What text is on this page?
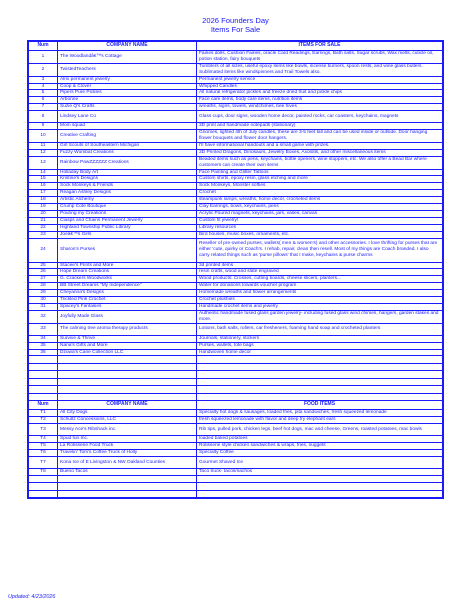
2026 Founders Day
Items For Sale
Num	COMPANY NAME	ITEMS FOR SALE
1	The Woodlandâ€™s Cottage	Fairies dolls, Cushion Fairies, oracle Card Readings, Earrings, Bath salts, Sugar scrubs, Wax melts, cuticle oil, potion station, fairy bouquets
2	TwistedTeachers	Tumblers of all sizes, useful epoxy items like bowls, incense burners, spoon rests, and wine glass butlers. Sublimated items like windspinners and Trail Towels also.
3	Almi permanent jewelry	Permanent jewelry service
4	Coop & Clover	Whipped Candles
5	Pipers Pure Pickles	All natural refrigerator pickles and freeze dried fruit and pickle chips
6	Arbonne	Face care items, body care items, nutrition items
7	Suzie Q's Crafts	wreaths, signs, towels, windchimes, bee hives
8	Lindsey Lane Co	Glass cups, door signs, wooden home decor, painted rocks, car coasters, keychains, magnets
9	Mom squad	3D print and handmade notepads (stationary)
10	Creative Crafting	Gnomes, lighted 4th of July candles, these are 3-5 feet tall and can be used inside or outside. Door hanging flower bouquets and flower door hangers.
11	Girl Scouts of Southeastern Michigan	I'll have informational handouts and a small game with prizes.
12	Fuzzy Wombat Creations	3D Printed Dragons, Dinosaurs, Jewelry Boxes, Axolotls, and other miscellaneous items
13	Rainbow PawZZZZZZ Creations	Beaded items such as pens, keychains, bottle openers, wine stoppers, etc. We also offer a Bead Bar where customers can create their own items
14	Holladay Body Art	Face Painting and Glitter Tattoos
15	Kristine's Designs	Custom shirts, epoxy resin, glass etching and more
16	Sock Monkeys & Friends	Sock Monkeys, Monster softies
17	Reagan Ashley Designs	Crochet
18	Artistic Alchemy	steampunk lamps, wreaths, home decor, crocheted items
19	Crump Cote Boutique	Clay Earrings, bows, keychains, pens
20	Pouring my Creations	Acrylic Poured magnets, keychains, jars, vases, canvas
21	Clasps and Chains Permanent Jewelry	Custom fit jewelry!
22	Highland Township Public Library	Library resources
23	Joeâ€™s Girls	Bird houses, music boxes, ornaments, etc.
24	Sharon's Purses	Reseller of pre-owned purses, wallets( men & women's) and other accessories. I love thrifting for purses that are either 'cute, quirky or Coach's. I rehab, repair, clean then resell. Most of my things are Coach branded. I also carry related things such as 'purse pillows' that I make, keychains & purse charms
25	Stacee's Prints and More	3d printed items
26	Hope Dream Creations	resin crafts, wood and slate engraved
27	G. Crackers Woodworks	Wood products: Crosses, cutting boards, cheese slicers, planters...
28	BB Street Dreams "My Independence"	Water for donations towards voucher program
29	Cheyanna's Designs	Homemade wreaths and flower arrangements
30	Trickled Pink Crochet	Crochet plushies
31	Spacey's Fantasies	Handmade crochet items and jewelry
32	Joyfully Made Glass	Authentic handmade fused glass garden jewelry- including fused glass wind chimes, hangers, garden stakes and more.
33	The calming tree aroma therapy products	Lotions, bath salts, rollers, car fresheners, foaming hand soap and crocheted planters
34	Survive & Thrive	Journals, stationery, stickers
35	Nana's Gifts and More	Purses, wallets, tote bags
36	Dzuwa's Cane Collection LLC	Handwoven home decor

Num	COMPANY NAME	FOOD ITEMS
T1	All City Dogs	Specialty hot dogs & sausages, loaded fries, pita sandwiches, fresh squeezed lemonade
T2	Schultz Concessions, LLC	fresh squeezed lemonade with flavor and deep fry elephant ears
T3	Messy Ace's Ribshack inc.	Rib tips, pulled pork, chicken legs, beef hot dogs, mac and cheese, Greens, roasted potatoes, mac bowls
T4	Spud fun Inc.	loaded baked potatoes
T5	La Rotisserie Food Truck	Rotisserie style chicken sandwiches & wraps, fries, nuggets
T6	Travelin' Tom's Coffee Truck of Holly	Specialty Coffee
T7	Kona Ice of E Livingston & NW Oakland Counties	Gourmet Shaved Ice
T8	Bueno Tacos	Taco truck- tacos/nachos

Updated: 4/23/2026
